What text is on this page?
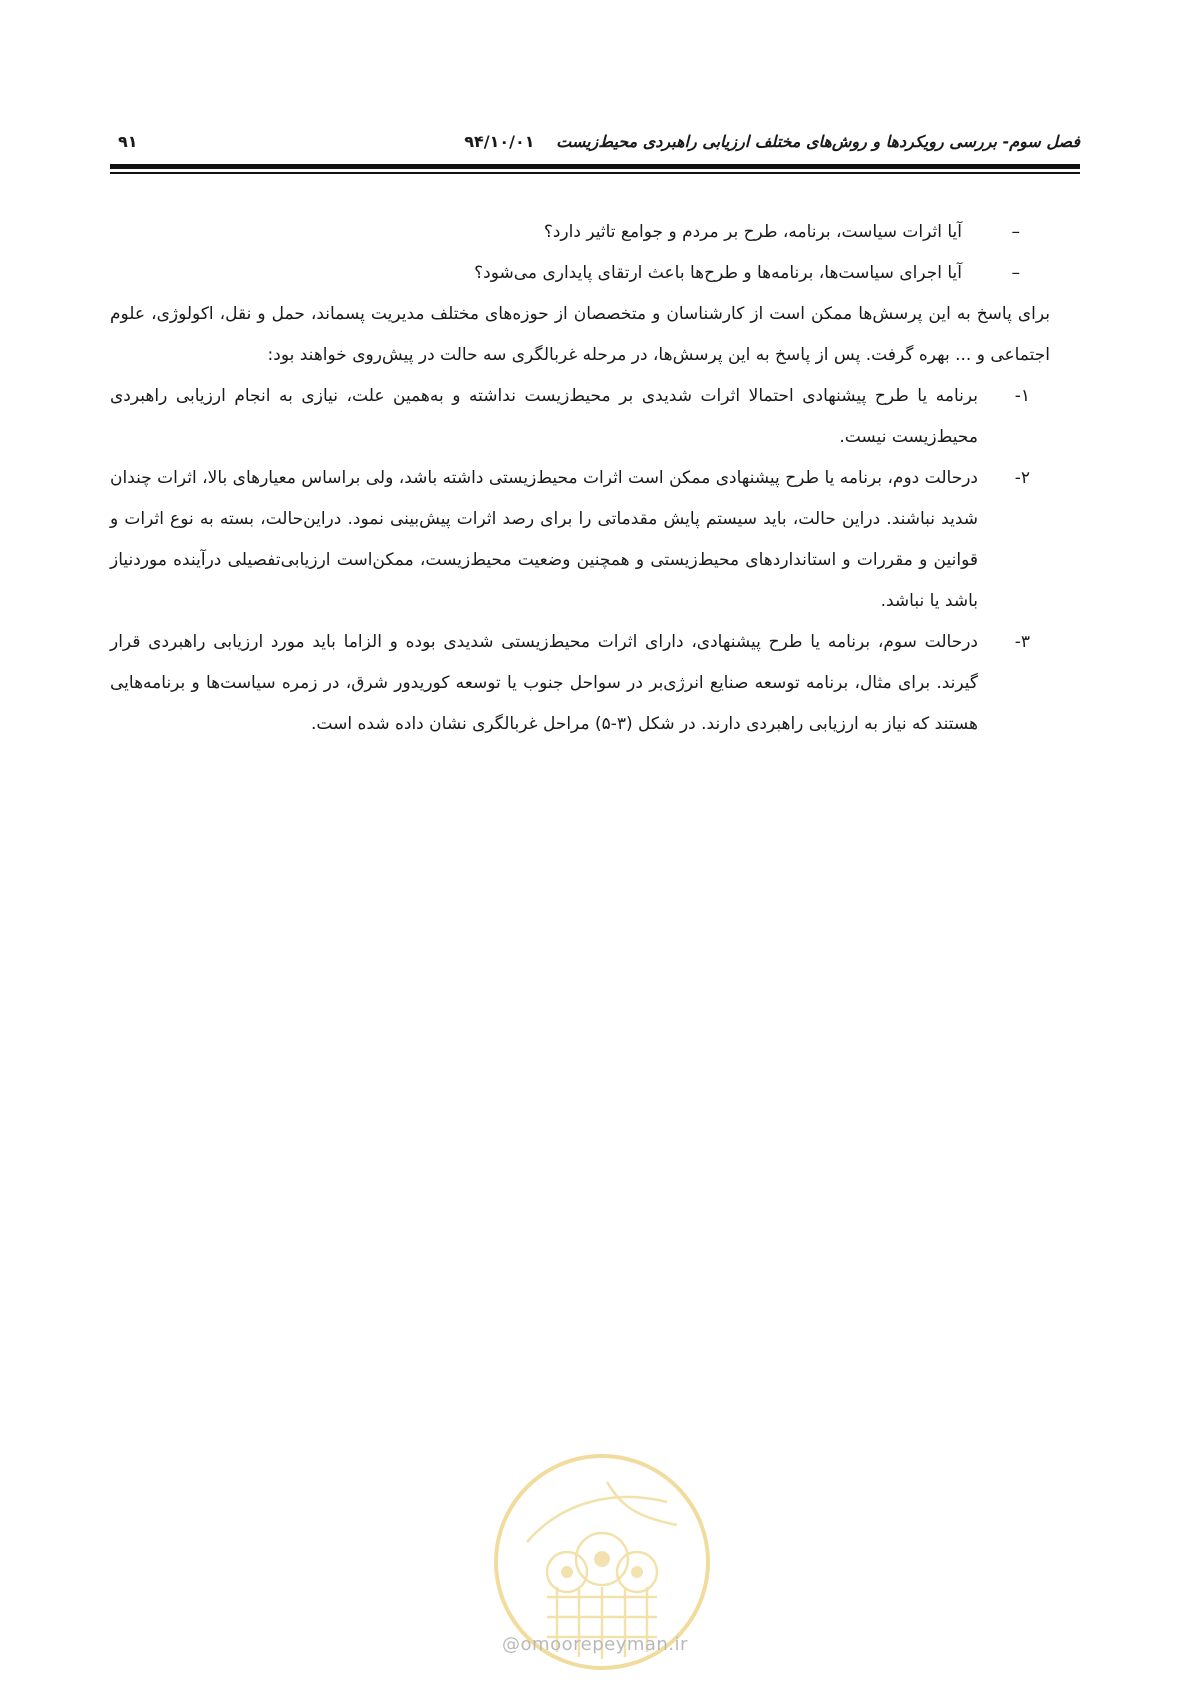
فصل سوم- بررسی رویکردها و روش‌های مختلف ارزیابی راهبردی محیط‌زیست ۹۴/۱۰/۰۱
۹۱
–
آیا اثرات سیاست، برنامه، طرح بر مردم و جوامع تاثیر دارد؟
–
آیا اجرای سیاست‌ها، برنامه‌ها و طرح‌ها باعث ارتقای پایداری می‌شود؟
برای پاسخ به این پرسش‌ها ممکن است از کارشناسان و متخصصان از حوزه‌های مختلف مدیریت پسماند، حمل و نقل، اکولوژی، علوم اجتماعی و ... بهره گرفت. پس از پاسخ به این پرسش‌ها، در مرحله غربالگری سه حالت در پیش‌روی خواهند بود:
۱-
برنامه یا طرح پیشنهادی احتمالا اثرات شدیدی بر محیط‌زیست نداشته و به‌همین علت، نیازی به انجام ارزیابی راهبردی محیط‌زیست نیست.
۲-
درحالت دوم، برنامه یا طرح پیشنهادی ممکن است اثرات محیط‌زیستی داشته باشد، ولی براساس معیارهای بالا، اثرات چندان شدید نباشند. دراین حالت، باید سیستم پایش مقدماتی را برای رصد اثرات پیش‌بینی نمود. دراین‌حالت، بسته به نوع اثرات و قوانین و مقررات و استانداردهای محیط‌زیستی و همچنین وضعیت محیط‌زیست، ممکن‌است ارزیابی‌تفصیلی درآینده موردنیاز باشد یا نباشد.
۳-
درحالت سوم، برنامه یا طرح پیشنهادی، دارای اثرات محیط‌زیستی شدیدی بوده و الزاما باید مورد ارزیابی راهبردی قرار گیرند. برای مثال، برنامه توسعه صنایع انرژی‌بر در سواحل جنوب یا توسعه کوریدور شرق، در زمره سیاست‌ها و برنامه‌هایی هستند که نیاز به ارزیابی راهبردی دارند. در شکل (۳-۵) مراحل غربالگری نشان داده شده است.
@omoorepeyman.ir
